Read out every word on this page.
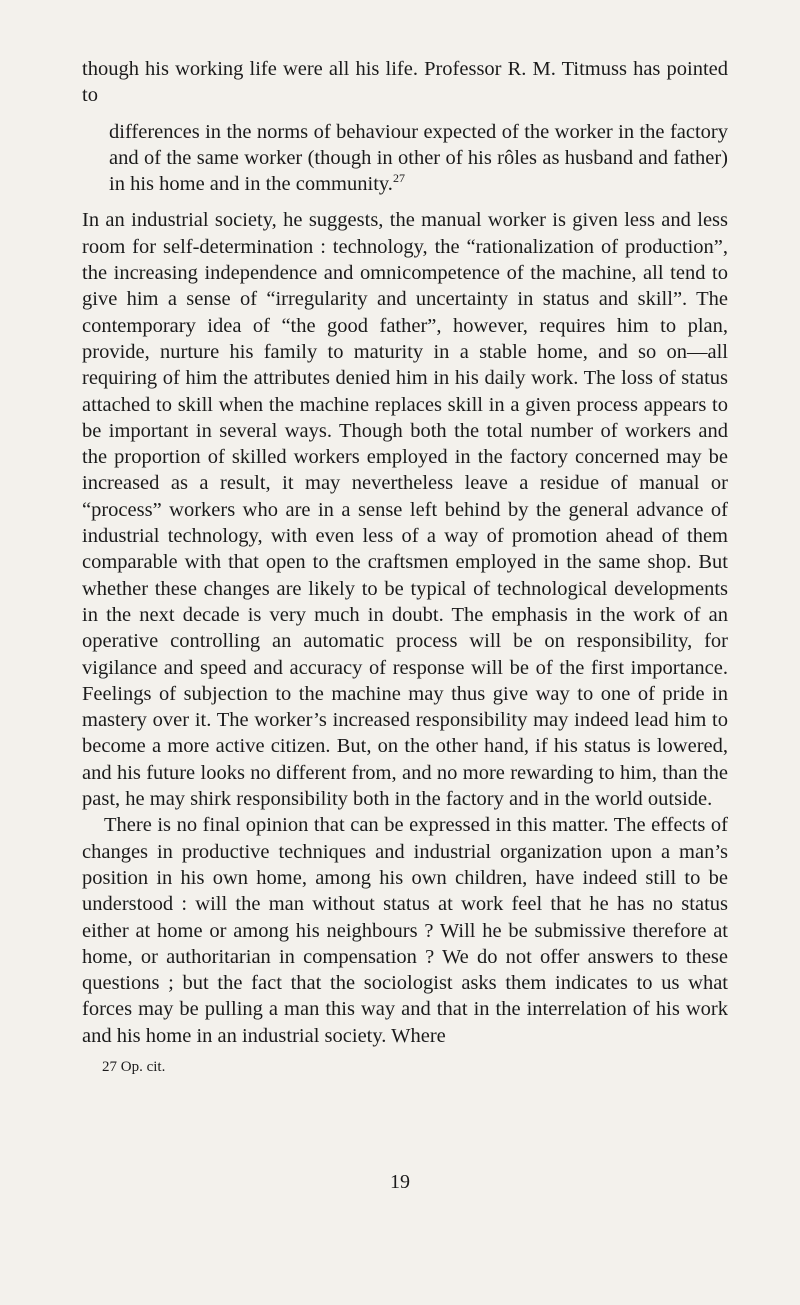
though his working life were all his life. Professor R. M. Titmuss has pointed to

differences in the norms of behaviour expected of the worker in the factory and of the same worker (though in other of his rôles as husband and father) in his home and in the community.$^{27}$

In an industrial society, he suggests, the manual worker is given less and less room for self-determination : technology, the “rationalization of production”, the increasing independence and omnicompetence of the machine, all tend to give him a sense of “irregularity and uncertainty in status and skill”. The contemporary idea of “the good father”, however, requires him to plan, provide, nurture his family to maturity in a stable home, and so on—all requiring of him the attributes denied him in his daily work. The loss of status attached to skill when the machine replaces skill in a given process appears to be important in several ways. Though both the total number of workers and the proportion of skilled workers employed in the factory concerned may be increased as a result, it may nevertheless leave a residue of manual or “process” workers who are in a sense left behind by the general advance of industrial technology, with even less of a way of promotion ahead of them comparable with that open to the craftsmen employed in the same shop. But whether these changes are likely to be typical of technological developments in the next decade is very much in doubt. The emphasis in the work of an operative controlling an automatic process will be on responsibility, for vigilance and speed and accuracy of response will be of the first importance. Feelings of subjection to the machine may thus give way to one of pride in mastery over it. The worker’s increased responsibility may indeed lead him to become a more active citizen. But, on the other hand, if his status is lowered, and his future looks no different from, and no more rewarding to him, than the past, he may shirk responsibility both in the factory and in the world outside.

There is no final opinion that can be expressed in this matter. The effects of changes in productive techniques and industrial organization upon a man’s position in his own home, among his own children, have indeed still to be understood : will the man without status at work feel that he has no status either at home or among his neighbours ? Will he be submissive therefore at home, or authoritarian in compensation ? We do not offer answers to these questions ; but the fact that the sociologist asks them indicates to us what forces may be pulling a man this way and that in the interrelation of his work and his home in an industrial society. Where

27 Op. cit.
19
